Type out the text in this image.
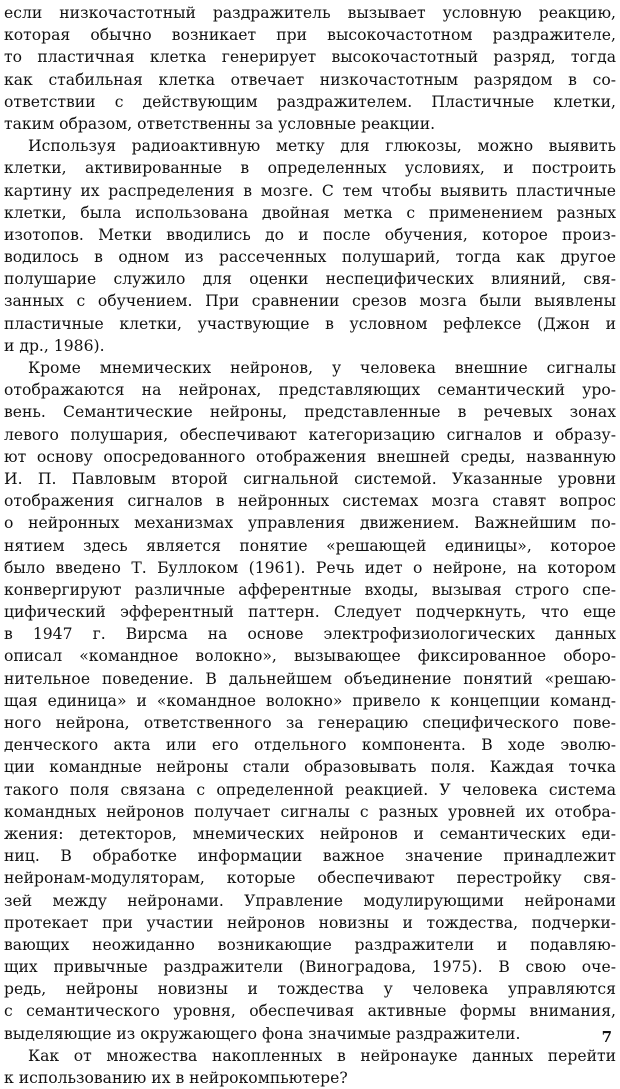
если низкочастотный раздражитель вызывает условную реакцию,
которая обычно возникает при высокочастотном раздражителе,
то пластичная клетка генерирует высокочастотный разряд, тогда
как стабильная клетка отвечает низкочастотным разрядом в со-
ответствии с действующим раздражителем. Пластичные клетки,
таким образом, ответственны за условные реакции.
Используя радиоактивную метку для глюкозы, можно выявить
клетки, активированные в определенных условиях, и построить
картину их распределения в мозге. С тем чтобы выявить пластичные
клетки, была использована двойная метка с применением разных
изотопов. Метки вводились до и после обучения, которое произ-
водилось в одном из рассеченных полушарий, тогда как другое
полушарие служило для оценки неспецифических влияний, свя-
занных с обучением. При сравнении срезов мозга были выявлены
пластичные клетки, участвующие в условном рефлексе (Джон и
и др., 1986).
Кроме мнемических нейронов, у человека внешние сигналы
отображаются на нейронах, представляющих семантический уро-
вень. Семантические нейроны, представленные в речевых зонах
левого полушария, обеспечивают категоризацию сигналов и образу-
ют основу опосредованного отображения внешней среды, названную
И. П. Павловым второй сигнальной системой. Указанные уровни
отображения сигналов в нейронных системах мозга ставят вопрос
о нейронных механизмах управления движением. Важнейшим по-
нятием здесь является понятие «решающей единицы», которое
было введено Т. Буллоком (1961). Речь идет о нейроне, на котором
конвергируют различные афферентные входы, вызывая строго спе-
цифический эфферентный паттерн. Следует подчеркнуть, что еще
в 1947 г. Вирсма на основе электрофизиологических данных
описал «командное волокно», вызывающее фиксированное оборо-
нительное поведение. В дальнейшем объединение понятий «решаю-
щая единица» и «командное волокно» привело к концепции команд-
ного нейрона, ответственного за генерацию специфического пове-
денческого акта или его отдельного компонента. В ходе эволю-
ции командные нейроны стали образовывать поля. Каждая точка
такого поля связана с определенной реакцией. У человека система
командных нейронов получает сигналы с разных уровней их отобра-
жения: детекторов, мнемических нейронов и семантических еди-
ниц. В обработке информации важное значение принадлежит
нейронам-модуляторам, которые обеспечивают перестройку свя-
зей между нейронами. Управление модулирующими нейронами
протекает при участии нейронов новизны и тождества, подчерки-
вающих неожиданно возникающие раздражители и подавляю-
щих привычные раздражители (Виноградова, 1975). В свою оче-
редь, нейроны новизны и тождества у человека управляются
с семантического уровня, обеспечивая активные формы внимания,
выделяющие из окружающего фона значимые раздражители.
Как от множества накопленных в нейронауке данных перейти
к использованию их в нейрокомпьютере?
7
